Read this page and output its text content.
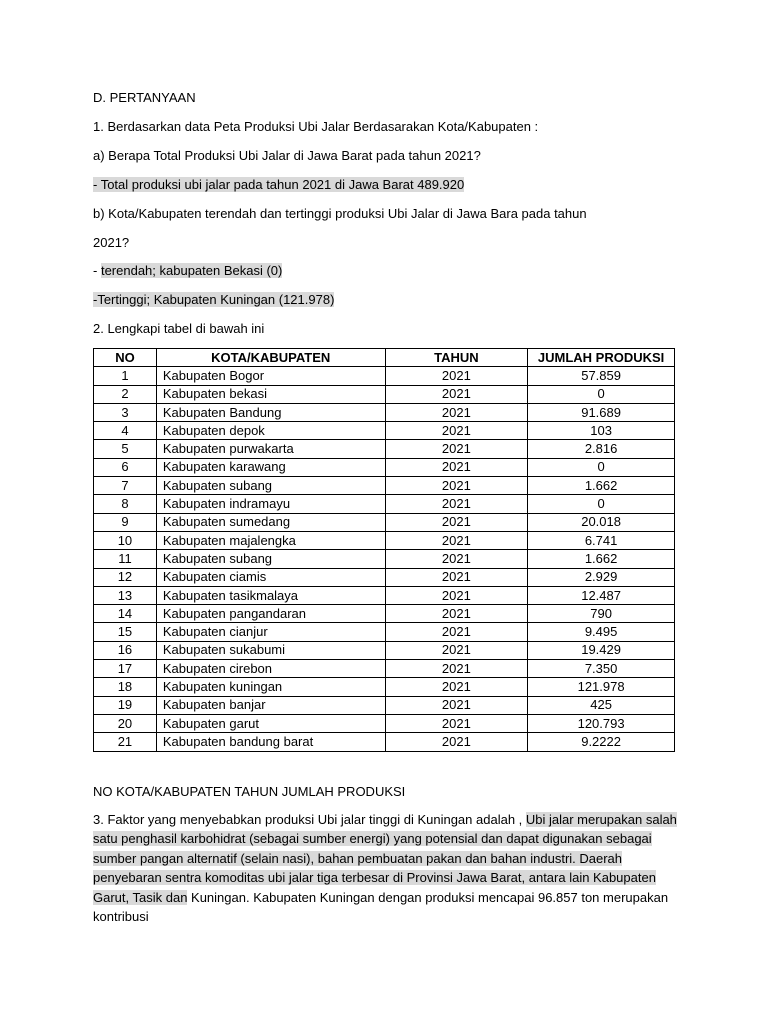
D. PERTANYAAN
1. Berdasarkan data Peta Produksi Ubi Jalar Berdasarakan Kota/Kabupaten :
a) Berapa Total Produksi Ubi Jalar di Jawa Barat pada tahun 2021?
- Total produksi ubi jalar pada tahun 2021 di Jawa Barat 489.920
b) Kota/Kabupaten terendah dan tertinggi produksi Ubi Jalar di Jawa Bara pada tahun
2021?
- terendah; kabupaten Bekasi (0)
-Tertinggi; Kabupaten Kuningan (121.978)
2. Lengkapi tabel di bawah ini
NO	KOTA/KABUPATEN	TAHUN	JUMLAH PRODUKSI
1	Kabupaten Bogor	2021	57.859
2	Kabupaten bekasi	2021	0
3	Kabupaten Bandung	2021	91.689
4	Kabupaten depok	2021	103
5	Kabupaten purwakarta	2021	2.816
6	Kabupaten karawang	2021	0
7	Kabupaten subang	2021	1.662
8	Kabupaten indramayu	2021	0
9	Kabupaten sumedang	2021	20.018
10	Kabupaten majalengka	2021	6.741
11	Kabupaten subang	2021	1.662
12	Kabupaten ciamis	2021	2.929
13	Kabupaten tasikmalaya	2021	12.487
14	Kabupaten pangandaran	2021	790
15	Kabupaten cianjur	2021	9.495
16	Kabupaten sukabumi	2021	19.429
17	Kabupaten cirebon	2021	7.350
18	Kabupaten kuningan	2021	121.978
19	Kabupaten banjar	2021	425
20	Kabupaten garut	2021	120.793
21	Kabupaten bandung barat	2021	9.2222
NO KOTA/KABUPATEN TAHUN JUMLAH PRODUKSI
3. Faktor yang menyebabkan produksi Ubi jalar tinggi di Kuningan adalah , Ubi jalar merupakan salah satu penghasil karbohidrat (sebagai sumber energi) yang potensial dan dapat digunakan sebagai sumber pangan alternatif (selain nasi), bahan pembuatan pakan dan bahan industri. Daerah penyebaran sentra komoditas ubi jalar tiga terbesar di Provinsi Jawa Barat, antara lain Kabupaten Garut, Tasik dan Kuningan. Kabupaten Kuningan dengan produksi mencapai 96.857 ton merupakan kontribusi
